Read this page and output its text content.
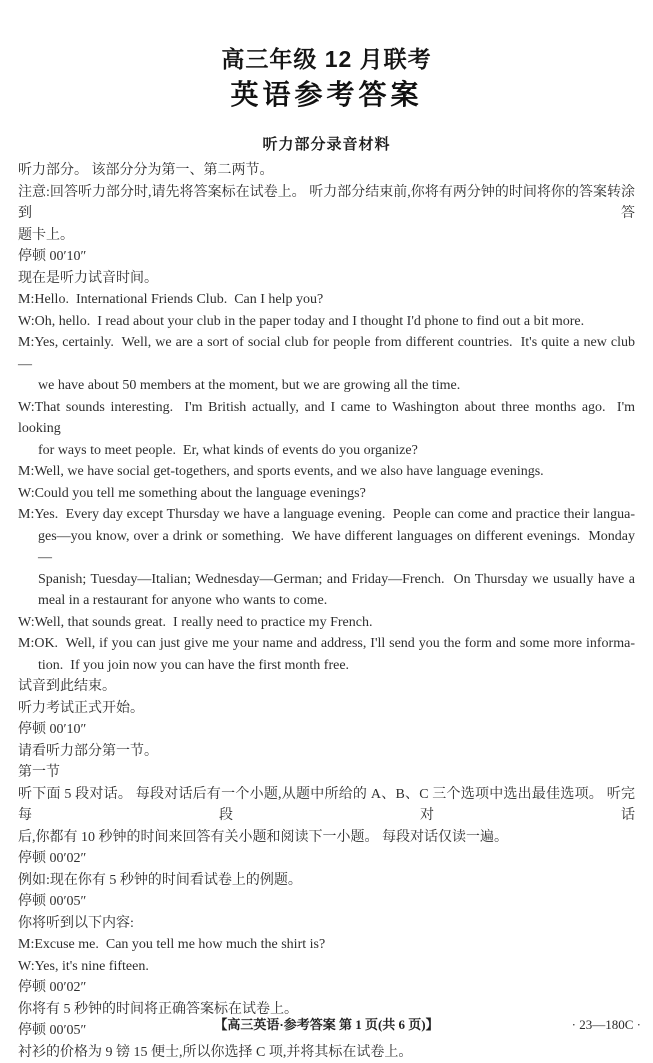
高三年级 12 月联考
英语参考答案
听力部分录音材料
听力部分。 该部分分为第一、第二两节。
注意:回答听力部分时,请先将答案标在试卷上。 听力部分结束前,你将有两分钟的时间将你的答案转涂到答
题卡上。
停顿 00′10″
现在是听力试音时间。
M:Hello.  International Friends Club.  Can I help you?
W:Oh, hello.  I read about your club in the paper today and I thought I'd phone to find out a bit more.
M:Yes, certainly.  Well, we are a sort of social club for people from different countries.  It's quite a new club—
we have about 50 members at the moment, but we are growing all the time.
W:That sounds interesting.  I'm British actually, and I came to Washington about three months ago.  I'm looking
for ways to meet people.  Er, what kinds of events do you organize?
M:Well, we have social get-togethers, and sports events, and we also have language evenings.
W:Could you tell me something about the language evenings?
M:Yes.  Every day except Thursday we have a language evening.  People can come and practice their langua-
ges—you know, over a drink or something.  We have different languages on different evenings.  Monday—
Spanish; Tuesday—Italian; Wednesday—German; and Friday—French.  On Thursday we usually have a
meal in a restaurant for anyone who wants to come.
W:Well, that sounds great.  I really need to practice my French.
M:OK.  Well, if you can just give me your name and address, I'll send you the form and some more informa-
tion.  If you join now you can have the first month free.
试音到此结束。
听力考试正式开始。
停顿 00′10″
请看听力部分第一节。
第一节
听下面 5 段对话。 每段对话后有一个小题,从题中所给的 A、B、C 三个选项中选出最佳选项。 听完每段对话
后,你都有 10 秒钟的时间来回答有关小题和阅读下一小题。 每段对话仅读一遍。
停顿 00′02″
例如:现在你有 5 秒钟的时间看试卷上的例题。
停顿 00′05″
你将听到以下内容:
M:Excuse me.  Can you tell me how much the shirt is?
W:Yes, it's nine fifteen.
停顿 00′02″
你将有 5 秒钟的时间将正确答案标在试卷上。
停顿 00′05″
衬衫的价格为 9 镑 15 便士,所以你选择 C 项,并将其标在试卷上。
【高三英语·参考答案 第 1 页(共 6 页)】	· 23—180C ·
